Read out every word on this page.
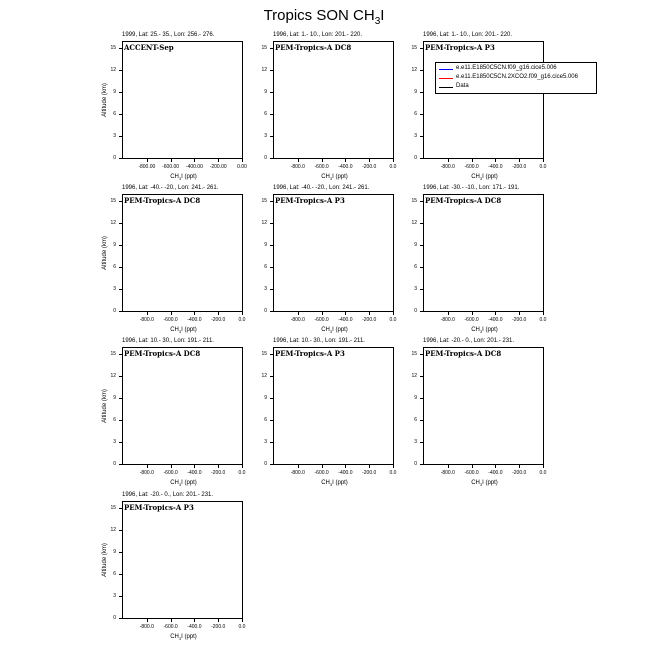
Tropics SON $CH_3I$
1999, Lat: 25.- 35., Lon: 256.- 276.
ACCENT-Sep
0
3
6
9
12
15
-800.00	-600.00	-400.00	-200.00	0.00
$CH_3I$ (ppt)
Altitude (km)
1996, Lat: 1.- 10., Lon: 201.- 220.
PEM-Tropics-A DC8
0
3
6
9
12
15
-800.0	-600.0	-400.0	-200.0	0.0
$CH_3I$ (ppt)
1996, Lat: 1.- 10., Lon: 201.- 220.
PEM-Tropics-A P3
0
3
6
9
12
15
-800.0	-600.0	-400.0	-200.0	0.0
$CH_3I$ (ppt)
1996, Lat: -40.- -20., Lon: 241.- 261.
PEM-Tropics-A DC8
0
3
6
9
12
15
-800.0	-600.0	-400.0	-200.0	0.0
$CH_3I$ (ppt)
Altitude (km)
1996, Lat: -40.- -20., Lon: 241.- 261.
PEM-Tropics-A P3
0
3
6
9
12
15
-800.0	-600.0	-400.0	-200.0	0.0
$CH_3I$ (ppt)
1996, Lat: -30.- -10., Lon: 171.- 191.
PEM-Tropics-A DC8
0
3
6
9
12
15
-800.0	-600.0	-400.0	-200.0	0.0
$CH_3I$ (ppt)
1996, Lat: 10.- 30., Lon: 191.- 211.
PEM-Tropics-A DC8
0
3
6
9
12
15
-800.0	-600.0	-400.0	-200.0	0.0
$CH_3I$ (ppt)
Altitude (km)
1996, Lat: 10.- 30., Lon: 191.- 211.
PEM-Tropics-A P3
0
3
6
9
12
15
-800.0	-600.0	-400.0	-200.0	0.0
$CH_3I$ (ppt)
1996, Lat: -20.- 0., Lon: 201.- 231.
PEM-Tropics-A DC8
0
3
6
9
12
15
-800.0	-600.0	-400.0	-200.0	0.0
$CH_3I$ (ppt)
1996, Lat: -20.- 0., Lon: 201.- 231.
PEM-Tropics-A P3
0
3
6
9
12
15
-800.0	-600.0	-400.0	-200.0	0.0
$CH_3I$ (ppt)
Altitude (km)
e.e11.E1850C5CN.f09_g16.cice5.006
e.e11.E1850C5CN.2XCO2.f09_g16.cice5.006
Data
